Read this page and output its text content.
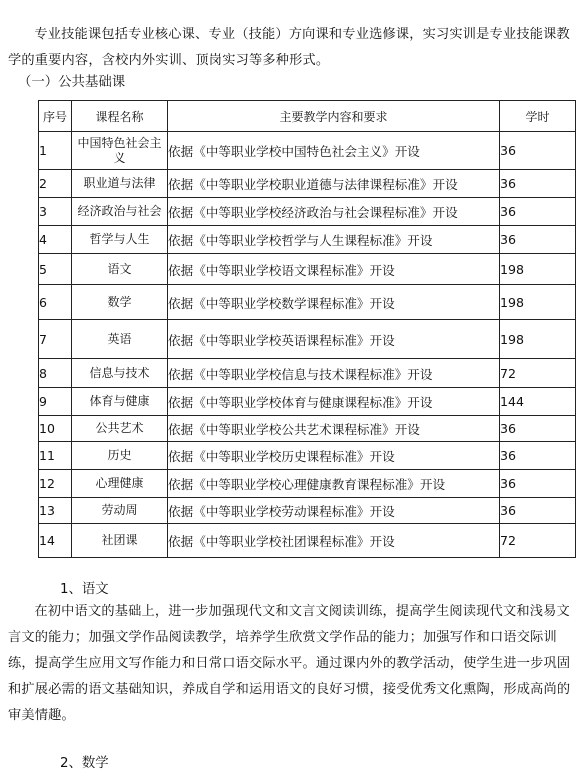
专业技能课包括专业核心课、专业（技能）方向课和专业选修课，实习实训是专业技能课教学的重要内容，含校内外实训、顶岗实习等多种形式。
（一）公共基础课
序号	课程名称	主要教学内容和要求	学时
1	中国特色社会主义	依据《中等职业学校中国特色社会主义》开设	36
2	职业道与法律	依据《中等职业学校职业道德与法律课程标准》开设	36
3	经济政治与社会	依据《中等职业学校经济政治与社会课程标准》开设	36
4	哲学与人生	依据《中等职业学校哲学与人生课程标准》开设	36
5	语文	依据《中等职业学校语文课程标准》开设	198
6	数学	依据《中等职业学校数学课程标准》开设	198
7	英语	依据《中等职业学校英语课程标准》开设	198
8	信息与技术	依据《中等职业学校信息与技术课程标准》开设	72
9	体育与健康	依据《中等职业学校体育与健康课程标准》开设	144
10	公共艺术	依据《中等职业学校公共艺术课程标准》开设	36
11	历史	依据《中等职业学校历史课程标准》开设	36
12	心理健康	依据《中等职业学校心理健康教育课程标准》开设	36
13	劳动周	依据《中等职业学校劳动课程标准》开设	36
14	社团课	依据《中等职业学校社团课程标准》开设	72
1、语文
在初中语文的基础上，进一步加强现代文和文言文阅读训练，提高学生阅读现代文和浅易文言文的能力；加强文学作品阅读教学，培养学生欣赏文学作品的能力；加强写作和口语交际训练，提高学生应用文写作能力和日常口语交际水平。通过课内外的教学活动，使学生进一步巩固和扩展必需的语文基础知识，养成自学和运用语文的良好习惯，接受优秀文化熏陶，形成高尚的审美情趣。
2、数学
